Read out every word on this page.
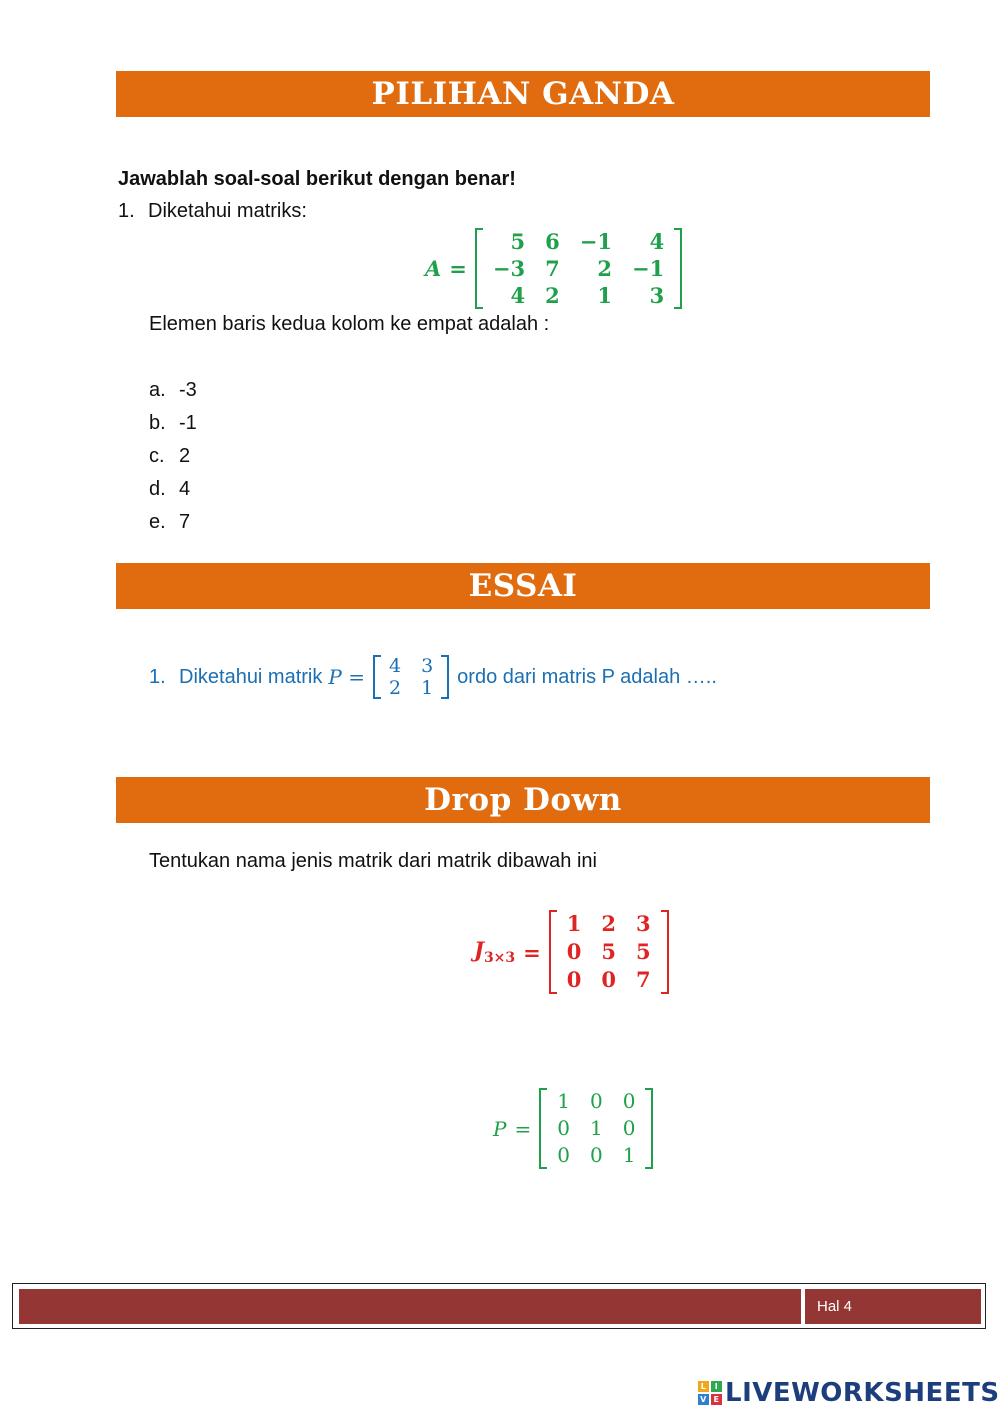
PILIHAN GANDA
Jawablah soal-soal berikut dengan benar!
1. Diketahui matriks:
A =
5	6	−1	4
−3	7	2	−1
4	2	1	3
Elemen baris kedua kolom ke empat adalah :
a. -3
b. -1
c. 2
d. 4
e. 7
ESSAI
1. Diketahui matrik P = 4	3
2	1
ordo dari matris P adalah …..
Drop Down
Tentukan nama jenis matrik dari matrik dibawah ini
$J_{3\times 3}$ =
1	2	3
0	5	5
0	0	7
P =
1	0	0
0	1	0
0	0	1
Hal 4
L	I
V E LIVEWORKSHEETS
